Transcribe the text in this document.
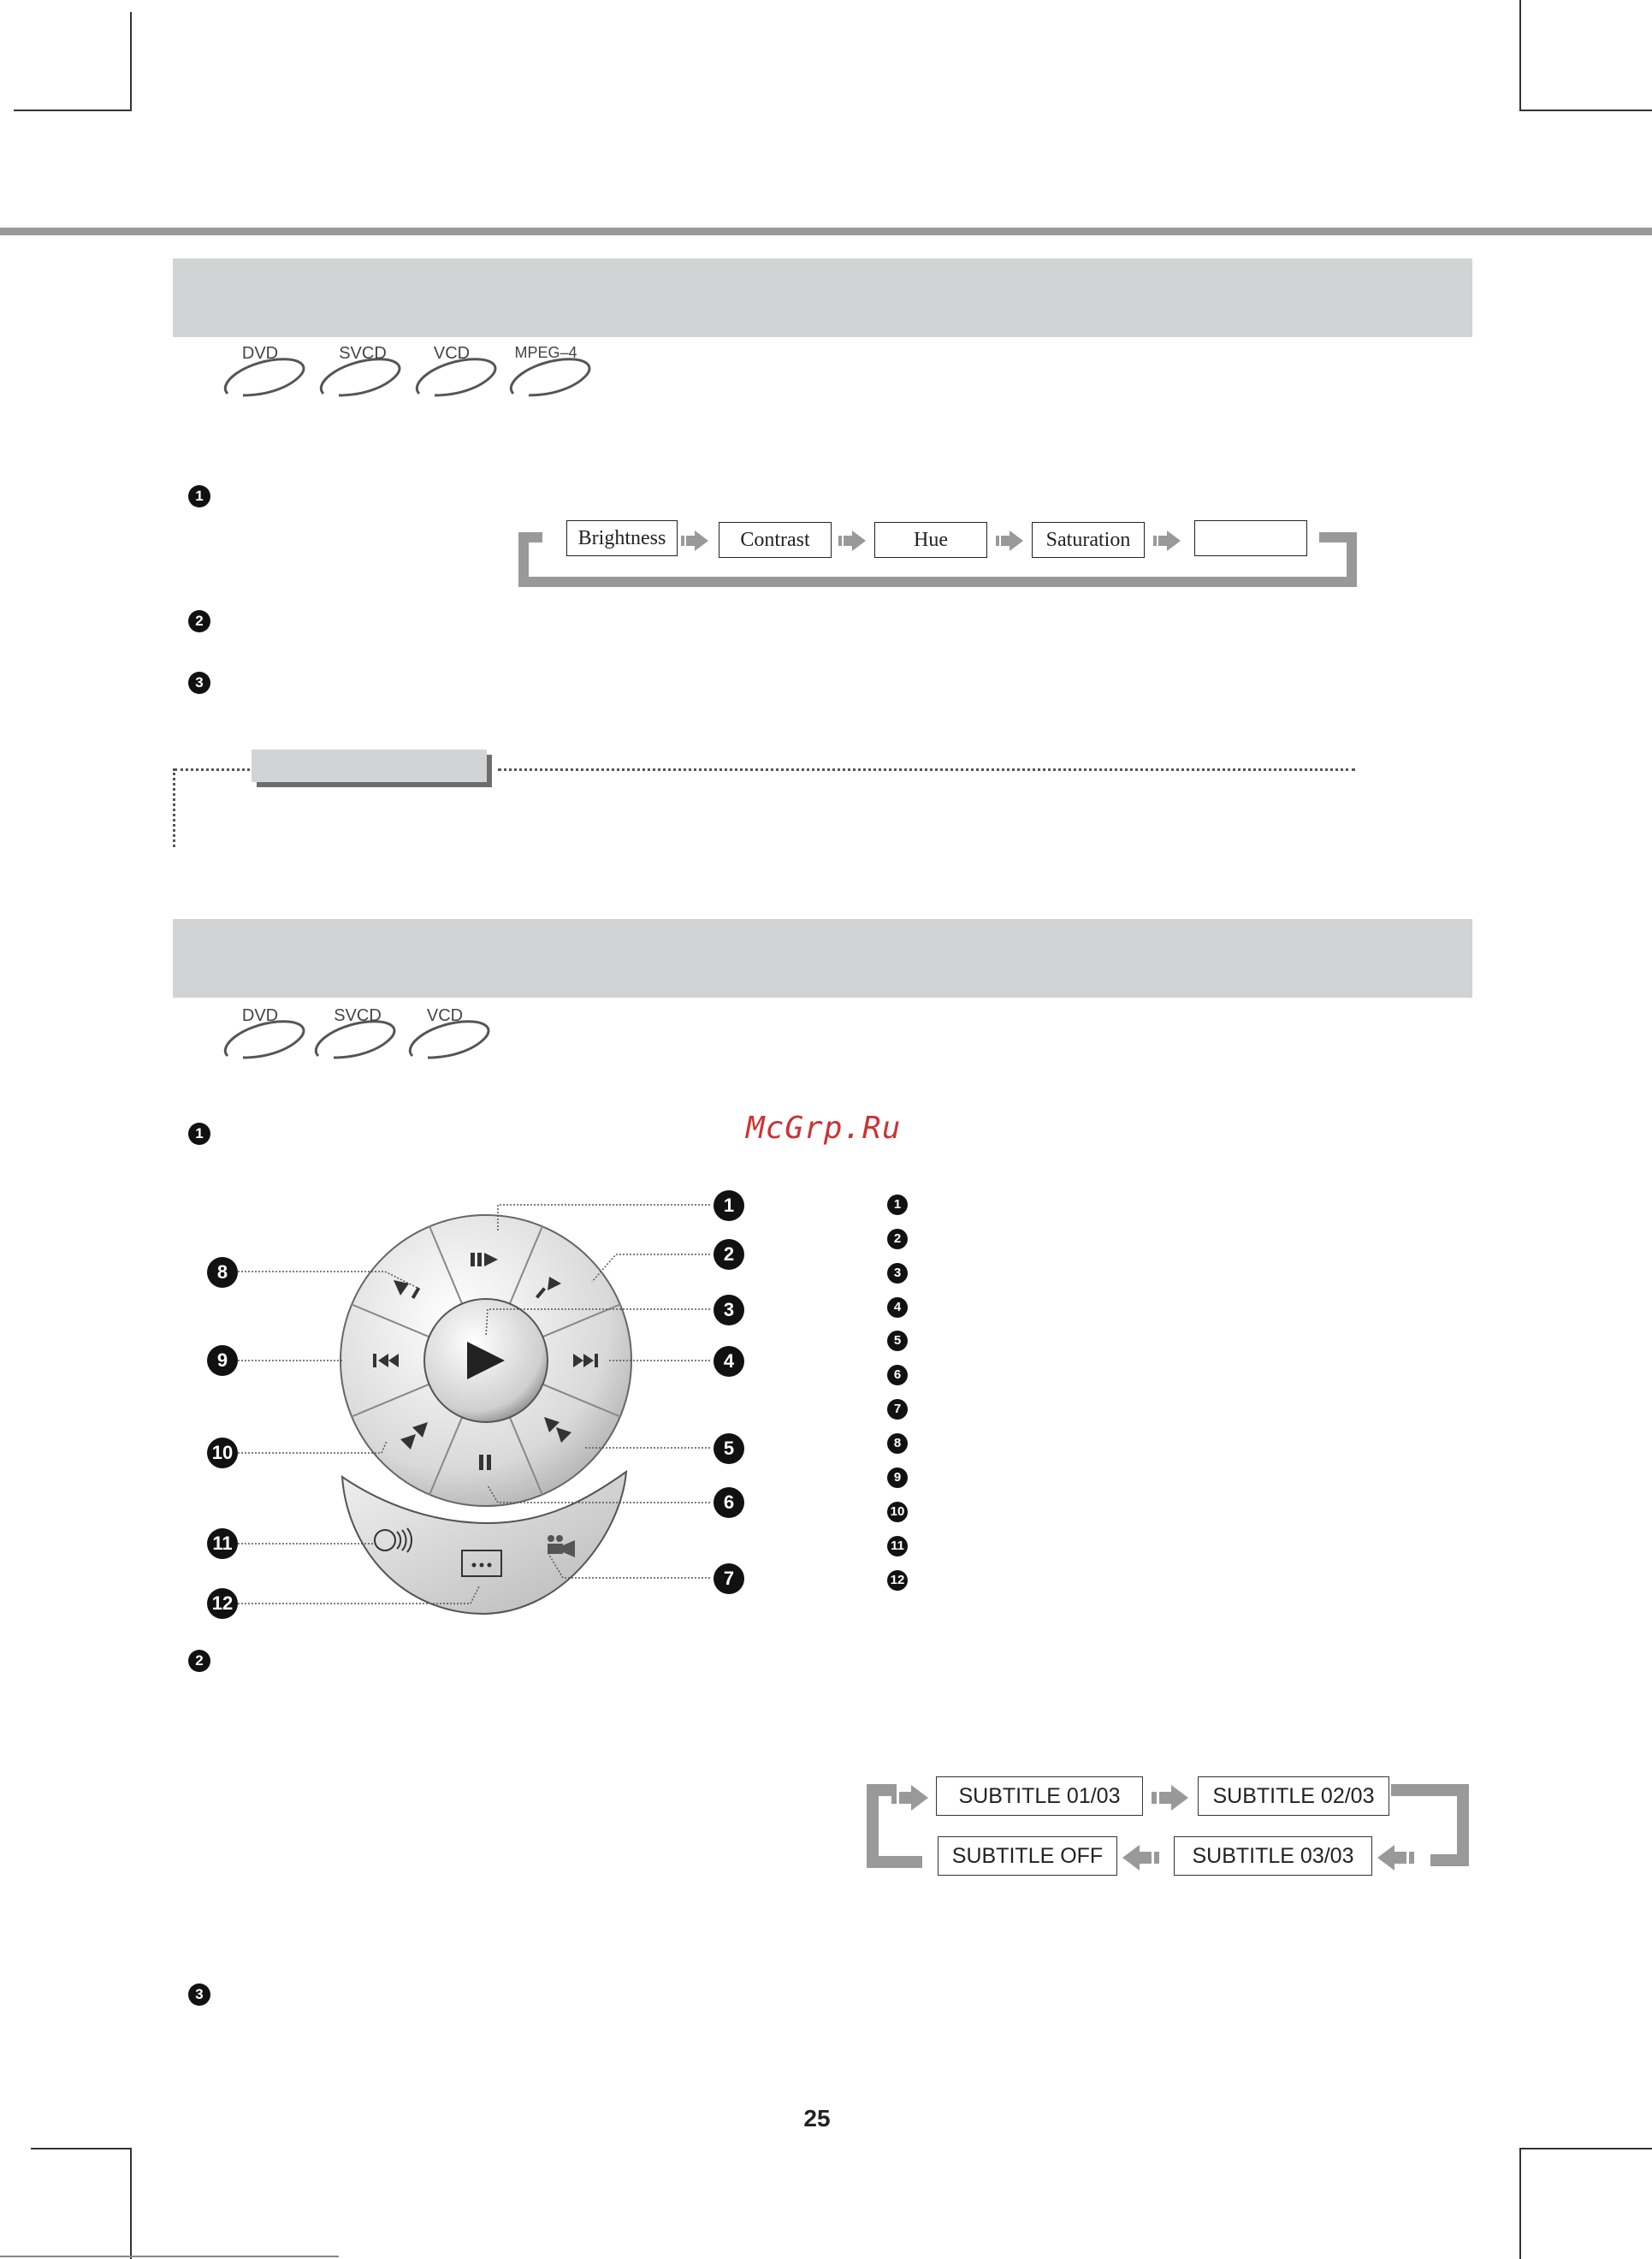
DVD	SVCD	VCD	MPEG–4
1
2
3
Brightness	Contrast	Hue	Saturation
DVD	SVCD	VCD
McGrp.Ru
1
2
3
1
2
3
4
5
6
7
8
9
10
11
12
1
2
3
4
5
6
7
8
9
10
11
12
SUBTITLE 01/03	SUBTITLE 02/03
SUBTITLE OFF	SUBTITLE 03/03
25
